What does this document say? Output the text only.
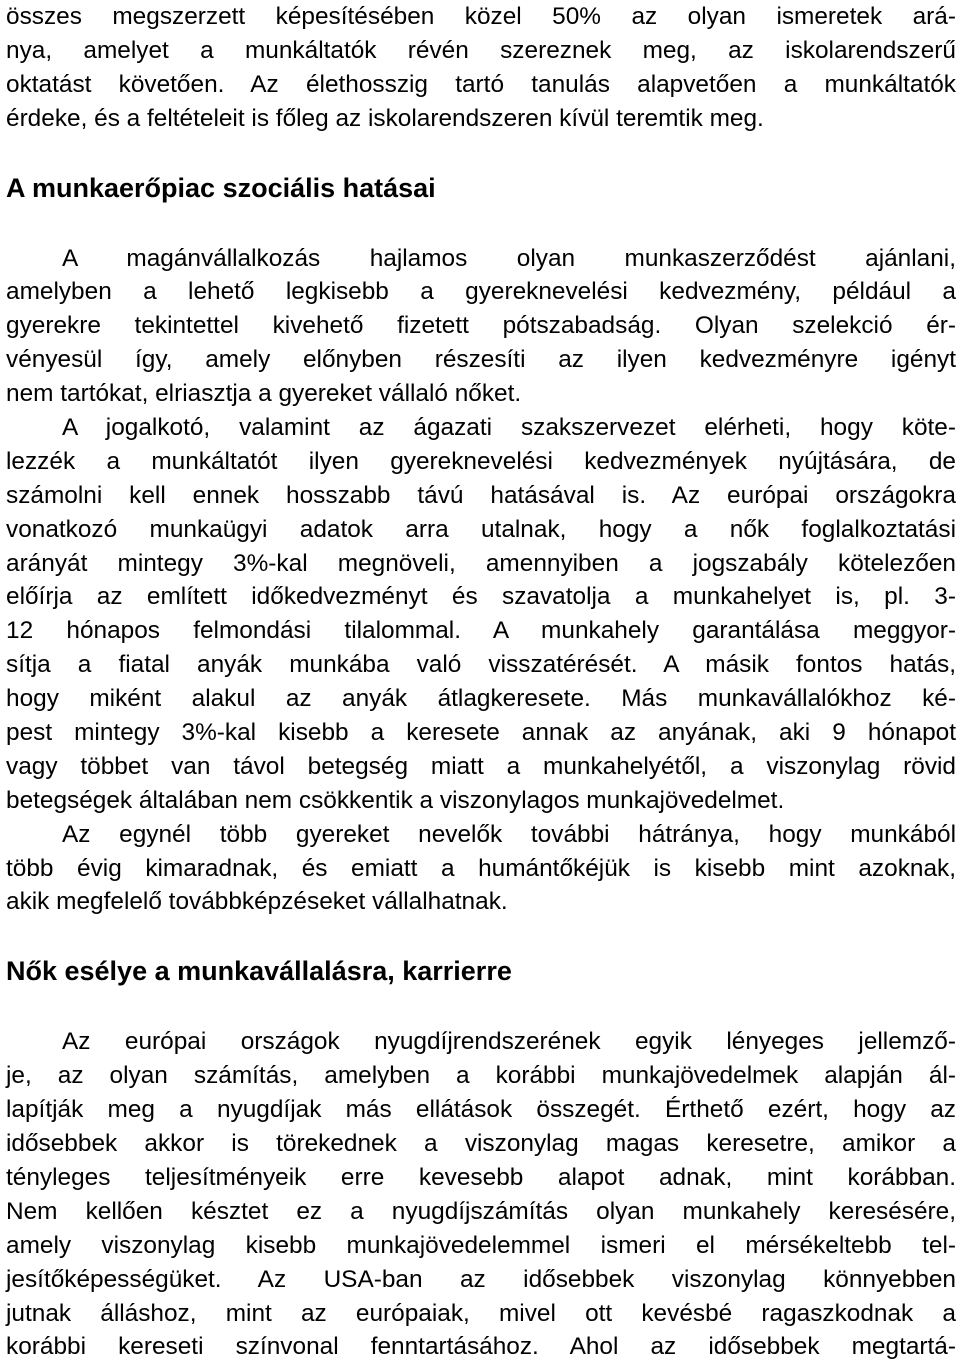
összes megszerzett képesítésében közel 50% az olyan ismeretek ará-
nya, amelyet a munkáltatók révén szereznek meg, az iskolarendszerű
oktatást követően. Az élethosszig tartó tanulás alapvetően a munkáltatók
érdeke, és a feltételeit is főleg az iskolarendszeren kívül teremtik meg.
A munkaerőpiac szociális hatásai
A magánvállalkozás hajlamos olyan munkaszerződést ajánlani,
amelyben a lehető legkisebb a gyereknevelési kedvezmény, például a
gyerekre tekintettel kivehető fizetett pótszabadság. Olyan szelekció ér-
vényesül így, amely előnyben részesíti az ilyen kedvezményre igényt
nem tartókat, elriasztja a gyereket vállaló nőket.
A jogalkotó, valamint az ágazati szakszervezet elérheti, hogy köte-
lezzék a munkáltatót ilyen gyereknevelési kedvezmények nyújtására, de
számolni kell ennek hosszabb távú hatásával is. Az európai országokra
vonatkozó munkaügyi adatok arra utalnak, hogy a nők foglalkoztatási
arányát mintegy 3%-kal megnöveli, amennyiben a jogszabály kötelezően
előírja az említett időkedvezményt és szavatolja a munkahelyet is, pl. 3-
12 hónapos felmondási tilalommal. A munkahely garantálása meggyor-
sítja a fiatal anyák munkába való visszatérését. A másik fontos hatás,
hogy miként alakul az anyák átlagkeresete. Más munkavállalókhoz ké-
pest mintegy 3%-kal kisebb a keresete annak az anyának, aki 9 hónapot
vagy többet van távol betegség miatt a munkahelyétől, a viszonylag rövid
betegségek általában nem csökkentik a viszonylagos munkajövedelmet.
Az egynél több gyereket nevelők további hátránya, hogy munkából
több évig kimaradnak, és emiatt a humántőkéjük is kisebb mint azoknak,
akik megfelelő továbbképzéseket vállalhatnak.
Nők esélye a munkavállalásra, karrierre
Az európai országok nyugdíjrendszerének egyik lényeges jellemző-
je, az olyan számítás, amelyben a korábbi munkajövedelmek alapján ál-
lapítják meg a nyugdíjak más ellátások összegét. Érthető ezért, hogy az
idősebbek akkor is törekednek a viszonylag magas keresetre, amikor a
tényleges teljesítményeik erre kevesebb alapot adnak, mint korábban.
Nem kellően késztet ez a nyugdíjszámítás olyan munkahely keresésére,
amely viszonylag kisebb munkajövedelemmel ismeri el mérsékeltebb tel-
jesítőképességüket. Az USA-ban az idősebbek viszonylag könnyebben
jutnak álláshoz, mint az európaiak, mivel ott kevésbé ragaszkodnak a
korábbi kereseti színvonal fenntartásához. Ahol az idősebbek megtartá-
